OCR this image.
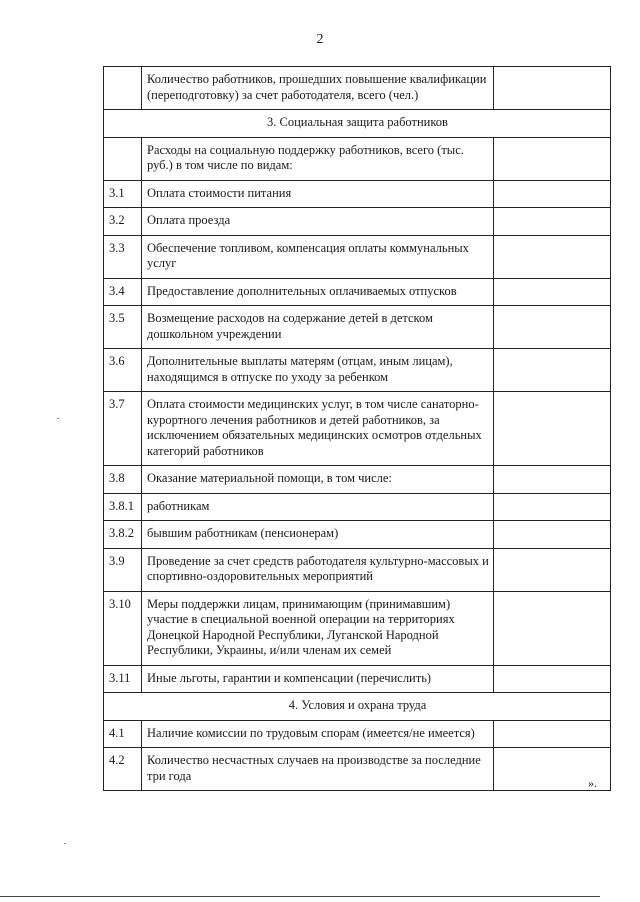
2
	Количество работников, прошедших повышение квалификации (переподготовку) за счет работодателя, всего (чел.)	
3. Социальная защита работников		
	Расходы на социальную поддержку работников, всего (тыс. руб.) в том числе по видам:	
3.1	Оплата стоимости питания	
3.2	Оплата проезда	
3.3	Обеспечение топливом, компенсация оплаты коммунальных услуг	
3.4	Предоставление дополнительных оплачиваемых отпусков	
3.5	Возмещение расходов на содержание детей в детском дошкольном учреждении	
3.6	Дополнительные выплаты матерям (отцам, иным лицам), находящимся в отпуске по уходу за ребенком	
3.7	Оплата стоимости медицинских услуг, в том числе санаторно-курортного лечения работников и детей работников, за исключением обязательных медицинских осмотров отдельных категорий работников	
3.8	Оказание материальной помощи, в том числе:	
3.8.1	работникам	
3.8.2	бывшим работникам (пенсионерам)	
3.9	Проведение за счет средств работодателя культурно-массовых и спортивно-оздоровительных мероприятий	
3.10	Меры поддержки лицам, принимающим (принимавшим) участие в специальной военной операции на территориях Донецкой Народной Республики, Луганской Народной Республики, Украины, и/или членам их семей	
3.11	Иные льготы, гарантии и компенсации (перечислить)	
4. Условия и охрана труда		
4.1	Наличие комиссии по трудовым спорам (имеется/не имеется)	
4.2	Количество несчастных случаев на производстве за последние три года	
».
